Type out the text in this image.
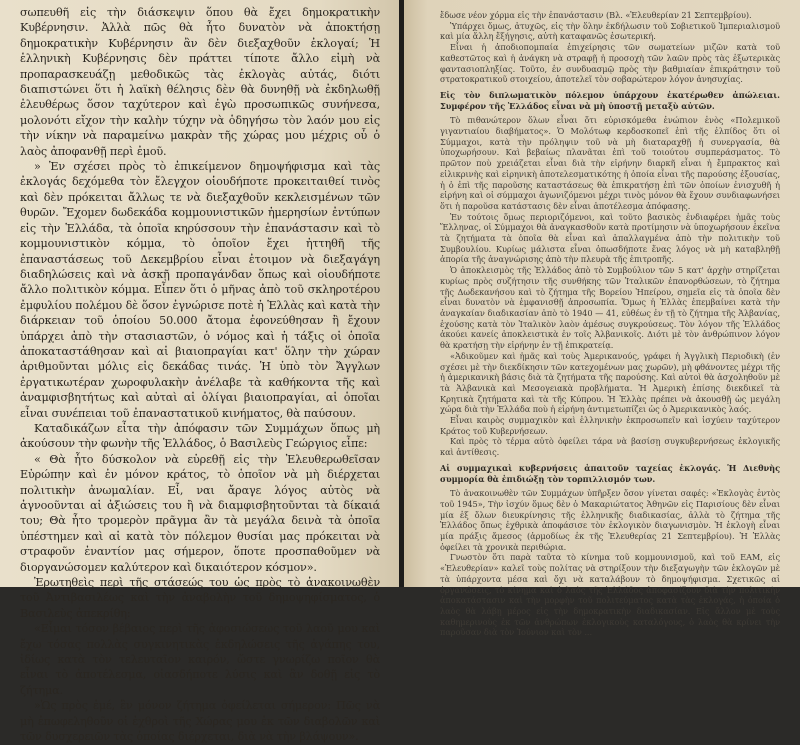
σωπευθῆ εἰς τὴν διάσκεψιν ὅπου θὰ ἔχει δημοκρατικὴν Κυβέρνησιν. Ἀλλὰ πῶς θὰ ἦτο δυνατὸν νὰ ἀποκτήσῃ δημοκρατικὴν Κυβέρνησιν ἂν δὲν διεξαχθοῦν ἐκλογαί; Ἡ ἑλληνικὴ Κυβέρνησις δὲν πράττει τίποτε ἄλλο εἰμὴ νὰ προπαρασκευάζῃ μεθοδικῶς τὰς ἐκλογὰς αὐτάς, διότι διαπιστώνει ὅτι ἡ λαϊκὴ θέλησις δὲν θὰ δυνηθῇ νὰ ἐκδηλωθῇ ἐλευθέρως ὅσον ταχύτερον καὶ ἐγὼ προσωπικῶς συνήνεσα, μολονότι εἴχον τὴν καλὴν τύχην νὰ ὁδηγήσω τὸν λαόν μου εἰς τὴν νίκην νὰ παραμείνω μακρὰν τῆς χώρας μου μέχρις οὗ ὁ λαὸς ἀποφανθῇ περὶ ἐμοῦ.

» Ἐν σχέσει πρὸς τὸ ἐπικείμενον δημοψήφισμα καὶ τὰς ἐκλογάς δεχόμεθα τὸν ἔλεγχον οἱουδήποτε προκειταιθεί τινὸς καὶ δὲν πρόκειται ἄλλως τε νὰ διεξαχθοῦν κεκλεισμένων τῶν θυρῶν. Ἔχομεν δωδεκάδα κομμουνιστικῶν ἡμερησίων ἐντύπων εἰς τὴν Ἑλλάδα, τὰ ὁποῖα κηρύσσουν τὴν ἐπανάστασιν καὶ τὸ κομμουνιστικὸν κόμμα, τὸ ὁποῖον ἔχει ἡττηθῆ τῆς ἐπαναστάσεως τοῦ Δεκεμβρίου εἶναι ἐτοιμον νὰ διεξαγάγη διαδηλώσεις καὶ νὰ ἀσκῇ προπαγάνδαν ὅπως καὶ οἱουδήποτε ἄλλο πολιτικὸν κόμμα. Εἶπεν ὅτι ὁ μῆνας ἀπὸ τοῦ σκληροτέρου ἐμφυλίου πολέμου δὲ ὅσον ἐγνώρισε ποτὲ ἡ Ἑλλὰς καὶ κατὰ τὴν διάρκειαν τοῦ ὁποίου 50.000 ἄτομα ἐφονεύθησαν ἢ ἔχουν ὑπάρχει ἀπὸ τὴν στασιαστῶν, ὁ νόμος καὶ ἡ τάξις οἱ ὁποῖα ἀποκαταστάθησαν καὶ αἱ βιαιοπραγίαι κατ' ὅλην τὴν χώραν ἀριθμοῦνται μόλις εἰς δεκάδας τινάς. Ἡ ὑπὸ τὸν Ἄγγλων ἐργατικωτέραν χωροφυλακὴν ἀνέλαβε τὰ καθήκοντα τῆς καὶ ἀναμφισβητήτως καὶ αὐταὶ αἱ ὀλίγαι βιαιοπραγίαι, αἱ ὁποῖαι εἶναι συνέπειαι τοῦ ἐπαναστατικοῦ κινήματος, θὰ παύσουν.

Καταδικάζων εἶτα τὴν ἀπόφασιν τῶν Συμμάχων ὅπως μὴ ἀκούσουν τὴν φωνὴν τῆς Ἑλλάδος, ὁ Βασιλεὺς Γεώργιος εἶπε:

« Θὰ ἦτο δύσκολον νὰ εὑρεθῇ εἰς τὴν Ἐλευθερωθεῖσαν Εὐρώπην καὶ ἐν μόνον κράτος, τὸ ὁποῖον νὰ μὴ διέρχεται πολιτικὴν ἀνωμαλίαν. Εἶ, ναι ἄραγε λόγος αὐτὸς νὰ ἀγνοοῦνται αἱ ἀξιώσεις του ἢ νὰ διαμφισβητοῦνται τὰ δίκαιά του; Θὰ ἦτο τρομερὸν πρᾶγμα ἂν τὰ μεγάλα δεινὰ τὰ ὁποῖα ὑπέστημεν καὶ αἱ κατὰ τὸν πόλεμον θυσίαι μας πρόκειται νὰ στραφοῦν ἐναντίον μας σήμερον, ὅποτε προσπαθοῦμεν νὰ διοργανώσομεν καλύτερον καὶ δικαιότερον κόσμον».

Ἐρωτηθεὶς περὶ τῆς στάσεώς του ὡς πρὸς τὸ ἀνακοινωθὲν τοῦ Ἀντιβασιλέως καὶ τὴν ἀναβολὴν τοῦ δημοψηφίσματος, ὁ Βασιλεὺς ἀπεκρίθη:

«Εἶμαι τόσον βέβαιος περὶ τῆς ἀφοσιώσεως τοῦ λαοῦ μου καὶ ἔχω τόσας πολλὰς συγκινητικὰς ἐκδηλώσεις τῆς ἀγάπης του, ἰδίως κατὰ τὸν τελευταῖον καιρόν, ὥστε γνωρίζω ποῖον θὰ εἶναι τὸ ἀποτέλεσμα, οἱασδήποτε λύσις καὶ ἂν δοθῇ εἰς τὸ ζήτημα.

»Ὡς πρὸς ἐμέ, ἓν μόνον ζήτημα ὀφείλεται σήμερον: Πῶς νὰ μὴ ἐπωφεληθοῦν οἱ ἐχθροὶ τῆς Χώρας μου ἐκ τῶν διαβολῶν καὶ τῶν δυσχερειῶν τὰς ὁποίας διέρχεται, διὰ νὰ τὴν βλάψουν».

ἔδωσε νέον χόρμα εἰς τὴν ἐπανάστασιν (Βλ. «Ἐλευθερίαν 21 Σεπτεμβρίου).

Ὑπάρχει ὅμως, ἀτυχῶς, εἰς τὴν ὅλην ἐκδήλωσιν τοῦ Σοβιετικοῦ Ἰμπεριαλισμοῦ καὶ μία ἄλλη ἔξήγησις, αὐτὴ καταφανῶς ἐσωτερική.

Εἶναι ἡ ἀποδιοπομπαία ἐπιχείρησις τῶν σωματείων μιζῶν κατὰ τοῦ καθεστῶτος καὶ ἡ ἀνάγκη νὰ στραφῇ ἡ προσοχὴ τῶν λαῶν πρὸς τὰς ἐξωτερικὰς φαντασιοπληξίας. Τοῦτο, ἐν συνδυασμῷ πρὸς τὴν βαθμιαίαν ἐπικράτησιν τοῦ στρατοκρατικοῦ στοιχείου, ἀποτελεῖ τὸν σοβαρώτερον λόγον ἀνησυχίας.

Εἰς τὸν διπλωματικὸν πόλεμον ὑπάρχουν ἑκατέρωθεν ἀπώλειαι. Συμφέρον τῆς Ἑλλάδος εἶναι νὰ μὴ ὑποστῇ μεταξὺ αὐτῶν.

Τὸ πιθανώτερον ὅλων εἶναι ὅτι εὐρισκόμεθα ἐνώπιον ἑνὸς «Πολεμικοῦ γιγαντιαίου διαβήματος». Ὁ Μολότωφ κερδοσκοπεῖ ἐπὶ τῆς ἐλπίδος ὅτι οἱ Σύμμαχοι, κατὰ τὴν πρόληψιν τοῦ νὰ μὴ διαταραχθῇ ἡ συνεργασία, θὰ ὑποχωρήσουν. Καὶ βεβαίως πλανᾶται ἐπὶ τοῦ τοιούτου συμπεράσματος. Τὸ πρῶτον ποὺ χρειάζεται εἶναι διὰ τὴν εἰρήνην διαρκῆ εἶναι ἡ ἔμπρακτος καὶ εἰλικρινὴς καὶ εἰρηνικὴ ἀποτελεσματικότης ἡ ὁποία εἶναι τῆς παρούσης ἐξουσίας, ἡ ὁ ἐπὶ τῆς παροῦσης καταστάσεως θὰ ἐπικρατήσῃ ἐπὶ τῶν ὁποίων ἐνισχυθῆ ἡ εἰρήνη καὶ οἱ σύμμαχοι ἀγωνιζόμενοι μέχρι τινὸς μόνον θὰ ἔχουν συνδιαφωνήσει ὅτι ἡ παροῦσα κατάστασις δὲν εἶναι ἀποτέλεσμα ἀπόφασης.

Ἐν τούτοις ὅμως περιοριζόμενοι, καὶ τοῦτο βασικὸς ἐνδιαφέρει ἡμᾶς τοὺς Ἕλληνας, οἱ Σύμμαχοι θὰ ἀναγκασθοῦν κατὰ προτίμησιν νὰ ὑποχωρήσουν ἐκεῖνα τὰ ζητήματα τὰ ὁποῖα θὰ εἶναι καὶ ἀπαλλαγμένα ἀπὸ τὴν πολιτικὴν τοῦ Συμβουλίου. Κυρίως μάλιστα εἶναι ὁπωσδήποτε ἕνας λόγος νὰ μὴ καταβληθῇ ἀπορία τῆς ἀναγνώρισης ἀπὸ τὴν πλευρὰ τῆς ἐπιτροπῆς.

Ὁ ἀποκλεισμὸς τῆς Ἑλλάδος ἀπὸ τὸ Συμβούλιον τῶν 5 κατ' ἀρχὴν στηρίζεται κυρίως πρὸς συζήτησιν τῆς συνθήκης τῶν Ἰταλικῶν ἐπανορθώσεων, τὸ ζήτημα τῆς Δωδεκανήσου καὶ τὸ ζήτημα τῆς Βορείου Ἠπείρου, σημεῖα εἰς τὰ ὁποῖα δὲν εἶναι δυνατὸν νὰ ἐμφανισθῇ ἀπροσωπία. Ὅμως ἡ Ἑλλὰς ἐπεμβαίνει κατὰ τὴν ἀναγκαίαν διαδικασίαν ἀπὸ τὸ 1940 — 41, εὐθέως ἐν τῇ τὸ ζήτημα τῆς Ἀλβανίας, ἐχούσης κατὰ τὸν Ἰταλικὸν λαὸν ἀμέσως συγκρούσεως. Τὸν λόγον τῆς Ἑλλάδος ἀκούει κανείς ἀποκλειστικὰ ἐν τοῖς Ἀλβανικοῖς. Διότι μὲ τὸν ἀνθρώπινον λόγον θὰ κρατήσῃ τὴν εἰρήνην ἐν τῇ ἐπικρατείᾳ.

«Ἀδικοῦμεν καὶ ἡμᾶς καὶ τοὺς Ἀμερικανούς, γράφει ἡ Ἀγγλικὴ Περιοδικὴ (ἐν σχέσει μὲ τὴν διεκδίκησιν τῶν κατεχομένων μας χωρῶν), μὴ φθάνοντες μέχρι τῆς ἡ ἀμερικανικὴ βάσις διὰ τὰ ζητήματα τῆς παρούσης. Καὶ αὐτοὶ θὰ ἀσχοληθοῦν μὲ τὰ Ἀλβανικὰ καὶ Μεσογειακὰ προβλήματα. Ἡ Ἀμερικὴ ἐπίσης διεκδικεῖ τὰ Κρητικὰ ζητήματα καὶ τὰ τῆς Κύπρου. Ἡ Ἑλλὰς πρέπει νὰ ἀκουσθῇ ὡς μεγάλη χώρα διὰ τὴν Ἑλλάδα ποὺ ἡ εἰρήνη ἀντιμετωπίζει ὡς ὁ Ἀμερικανικὸς λαός.

Εἶναι καιρὸς συμμαχικὸν καὶ ἑλληνικὴν ἐκπροσωπεῖν καὶ ἰσχύειν ταχύτερον Κράτος τοῦ Κυβερνήσεων.

Καὶ πρὸς τὸ τέρμα αὐτὸ ὀφείλει τάρα νὰ βασίσῃ συγκυβερνήσεως ἐκλογικῆς καὶ ἀντίθεσις.

Αἱ συμμαχικαὶ κυβερνήσεις ἀπαιτοῦν ταχείας ἐκλογάς. Ἡ Διεθνὴς συμμορία θὰ ἐπιδιώξῃ τὸν τορπιλλισμόν των.

Τὸ ἀνακοινωθὲν τῶν Συμμάχων ὑπῆρξεν ὅσον γίνεται σαφές: «Ἐκλογὰς ἐντὸς τοῦ 1945», Τὴν ἰσχύν ὅμως δὲν ὁ Μακαριώτατος Ἀθηνῶν εἰς Παρισίους δὲν εἶναι μία ἐξ ὅλων διευκρίνησις τῆς ἑλληνικῆς διαδικασίας, ἀλλὰ τὸ ζήτημα τῆς Ἑλλάδος ὅπως ἐχθρικὰ ἀποφάσισε τὸν ἐκλογικὸν διαγωνισμὸν. Ἡ ἐκλογὴ εἶναι μία πράξις ἄμεσος (ἁρμοδίως ἐκ τῆς Ἐλευθερίας 21 Σεπτεμβρίου). Ἡ Ἑλλὰς ὀφείλει τὰ χρονικὰ περιθώρια.

Γνωστὸν ὅτι παρὰ ταῦτα τὸ κίνημα τοῦ κομμουνισμοῦ, καὶ τοῦ ΕΑΜ, εἰς «Ἐλευθερίαν» καλεῖ τοὺς πολίτας νὰ στηρίξουν τὴν διεξαγωγὴν τῶν ἐκλογῶν μὲ τὰ ὑπάρχοντα μέσα καὶ ὄχι νὰ καταλάβουν τὸ δημοψήφισμα. Σχετικῶς αἱ ὀργανώσεις, τὸ κίνημα καὶ ὁ λαὸς τῆς Ἑλλάδος ἀποφασίζουν διὰ τὴν πολιτικὴν ἀποκατάστασιν καὶ τὴν μορφὴν τοῦ πολιτεύματος κατὰ τὰς ἐκλογάς, ἡ ὁποία ὁ λαὸς θὰ λάβῃ μέρος εἰς τὴν δημοκρατικὴν διαδικασίαν. Εἰς ἄλλον μὲ τοὺς καθημερινοὺς ἐκ τῶν ἀνθρώπων ἐκλογικοὺς καταλόγους, ὁ λαὸς θὰ κρίνει τὴν παροῦσαν διὰ τὸν Ἰούνιον καὶ τὸν ...
